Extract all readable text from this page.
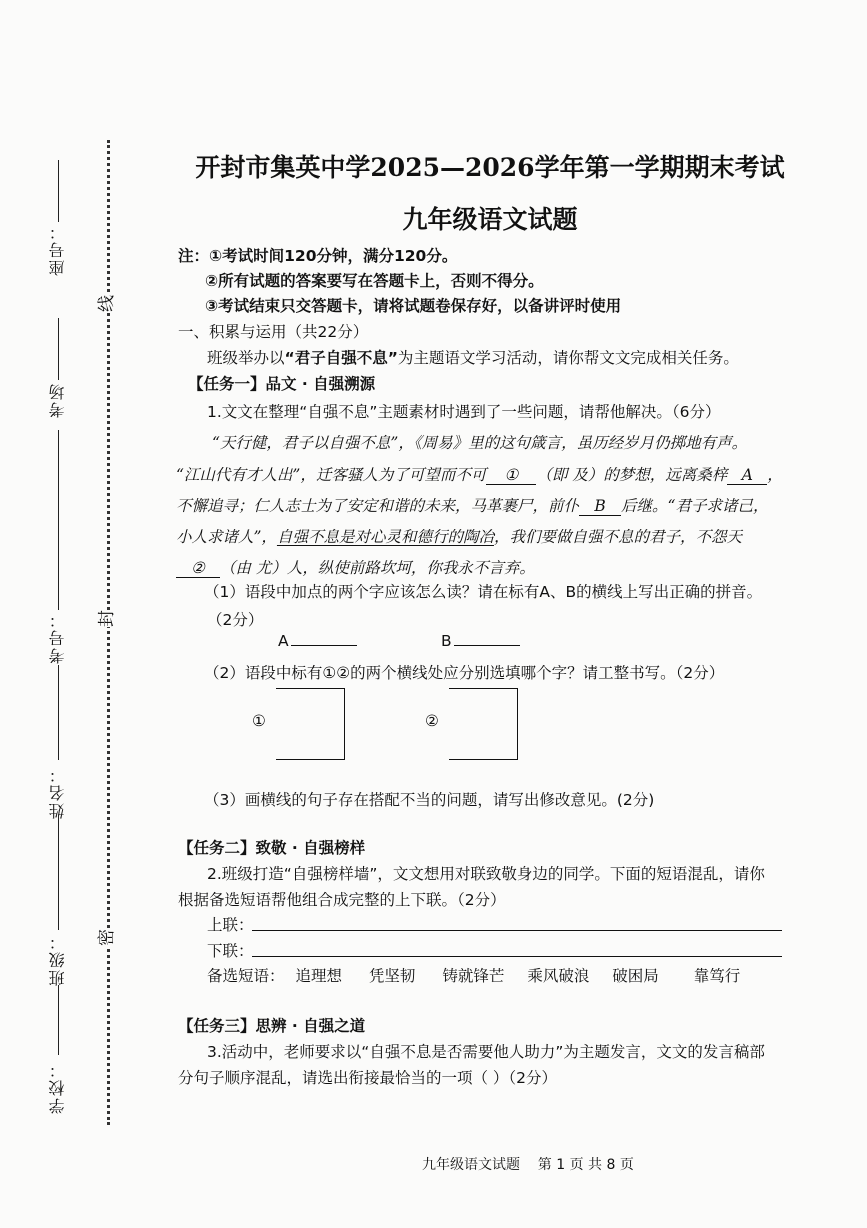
座号：
考场
考号：
姓名：
班级：
学校：
线
封
密
开封市集英中学2025—2026学年第一学期期末考试
九年级语文试题
注：①考试时间120分钟，满分120分。
②所有试题的答案要写在答题卡上，否则不得分。
③考试结束只交答题卡，请将试题卷保存好，以备讲评时使用
一、积累与运用（共22分）
班级举办以“君子自强不息”为主题语文学习活动，请你帮文文完成相关任务。
【任务一】品文 · 自强溯源
1.文文在整理“自强不息”主题素材时遇到了一些问题，请帮他解决。（6分）
“天行健，君子以自强不息”，《周易》里的这句箴言，虽历经岁月仍掷地有声。
“江山代有才人出”，迁客骚人为了可望而不可 ① （即 及）的梦想，远离桑梓 A ，
不懈追寻；仁人志士为了安定和谐的未来，马革裹尸，前仆 B 后继。“君子求诸己，
小人求诸人”，自强不息是对心灵和德行的陶冶，我们要做自强不息的君子，不怨天
② （由 尤）人，纵使前路坎坷，你我永不言弃。
（1）语段中加点的两个字应该怎么读？请在标有A、B的横线上写出正确的拼音。
（2分）
A	B
（2）语段中标有①②的两个横线处应分别选填哪个字？请工整书写。（2分）
①	②
（3）画横线的句子存在搭配不当的问题，请写出修改意见。(2分)
【任务二】致敬 · 自强榜样
2.班级打造“自强榜样墙”，文文想用对联致敬身边的同学。下面的短语混乱，请你
根据备选短语帮他组合成完整的上下联。（2分）
上联：
下联：
备选短语： 追理想 凭坚韧 铸就锋芒 乘风破浪 破困局 靠笃行
【任务三】思辨 · 自强之道
3.活动中，老师要求以“自强不息是否需要他人助力”为主题发言，文文的发言稿部
分句子顺序混乱，请选出衔接最恰当的一项（ ）（2分）
九年级语文试题    第 1 页 共 8 页
